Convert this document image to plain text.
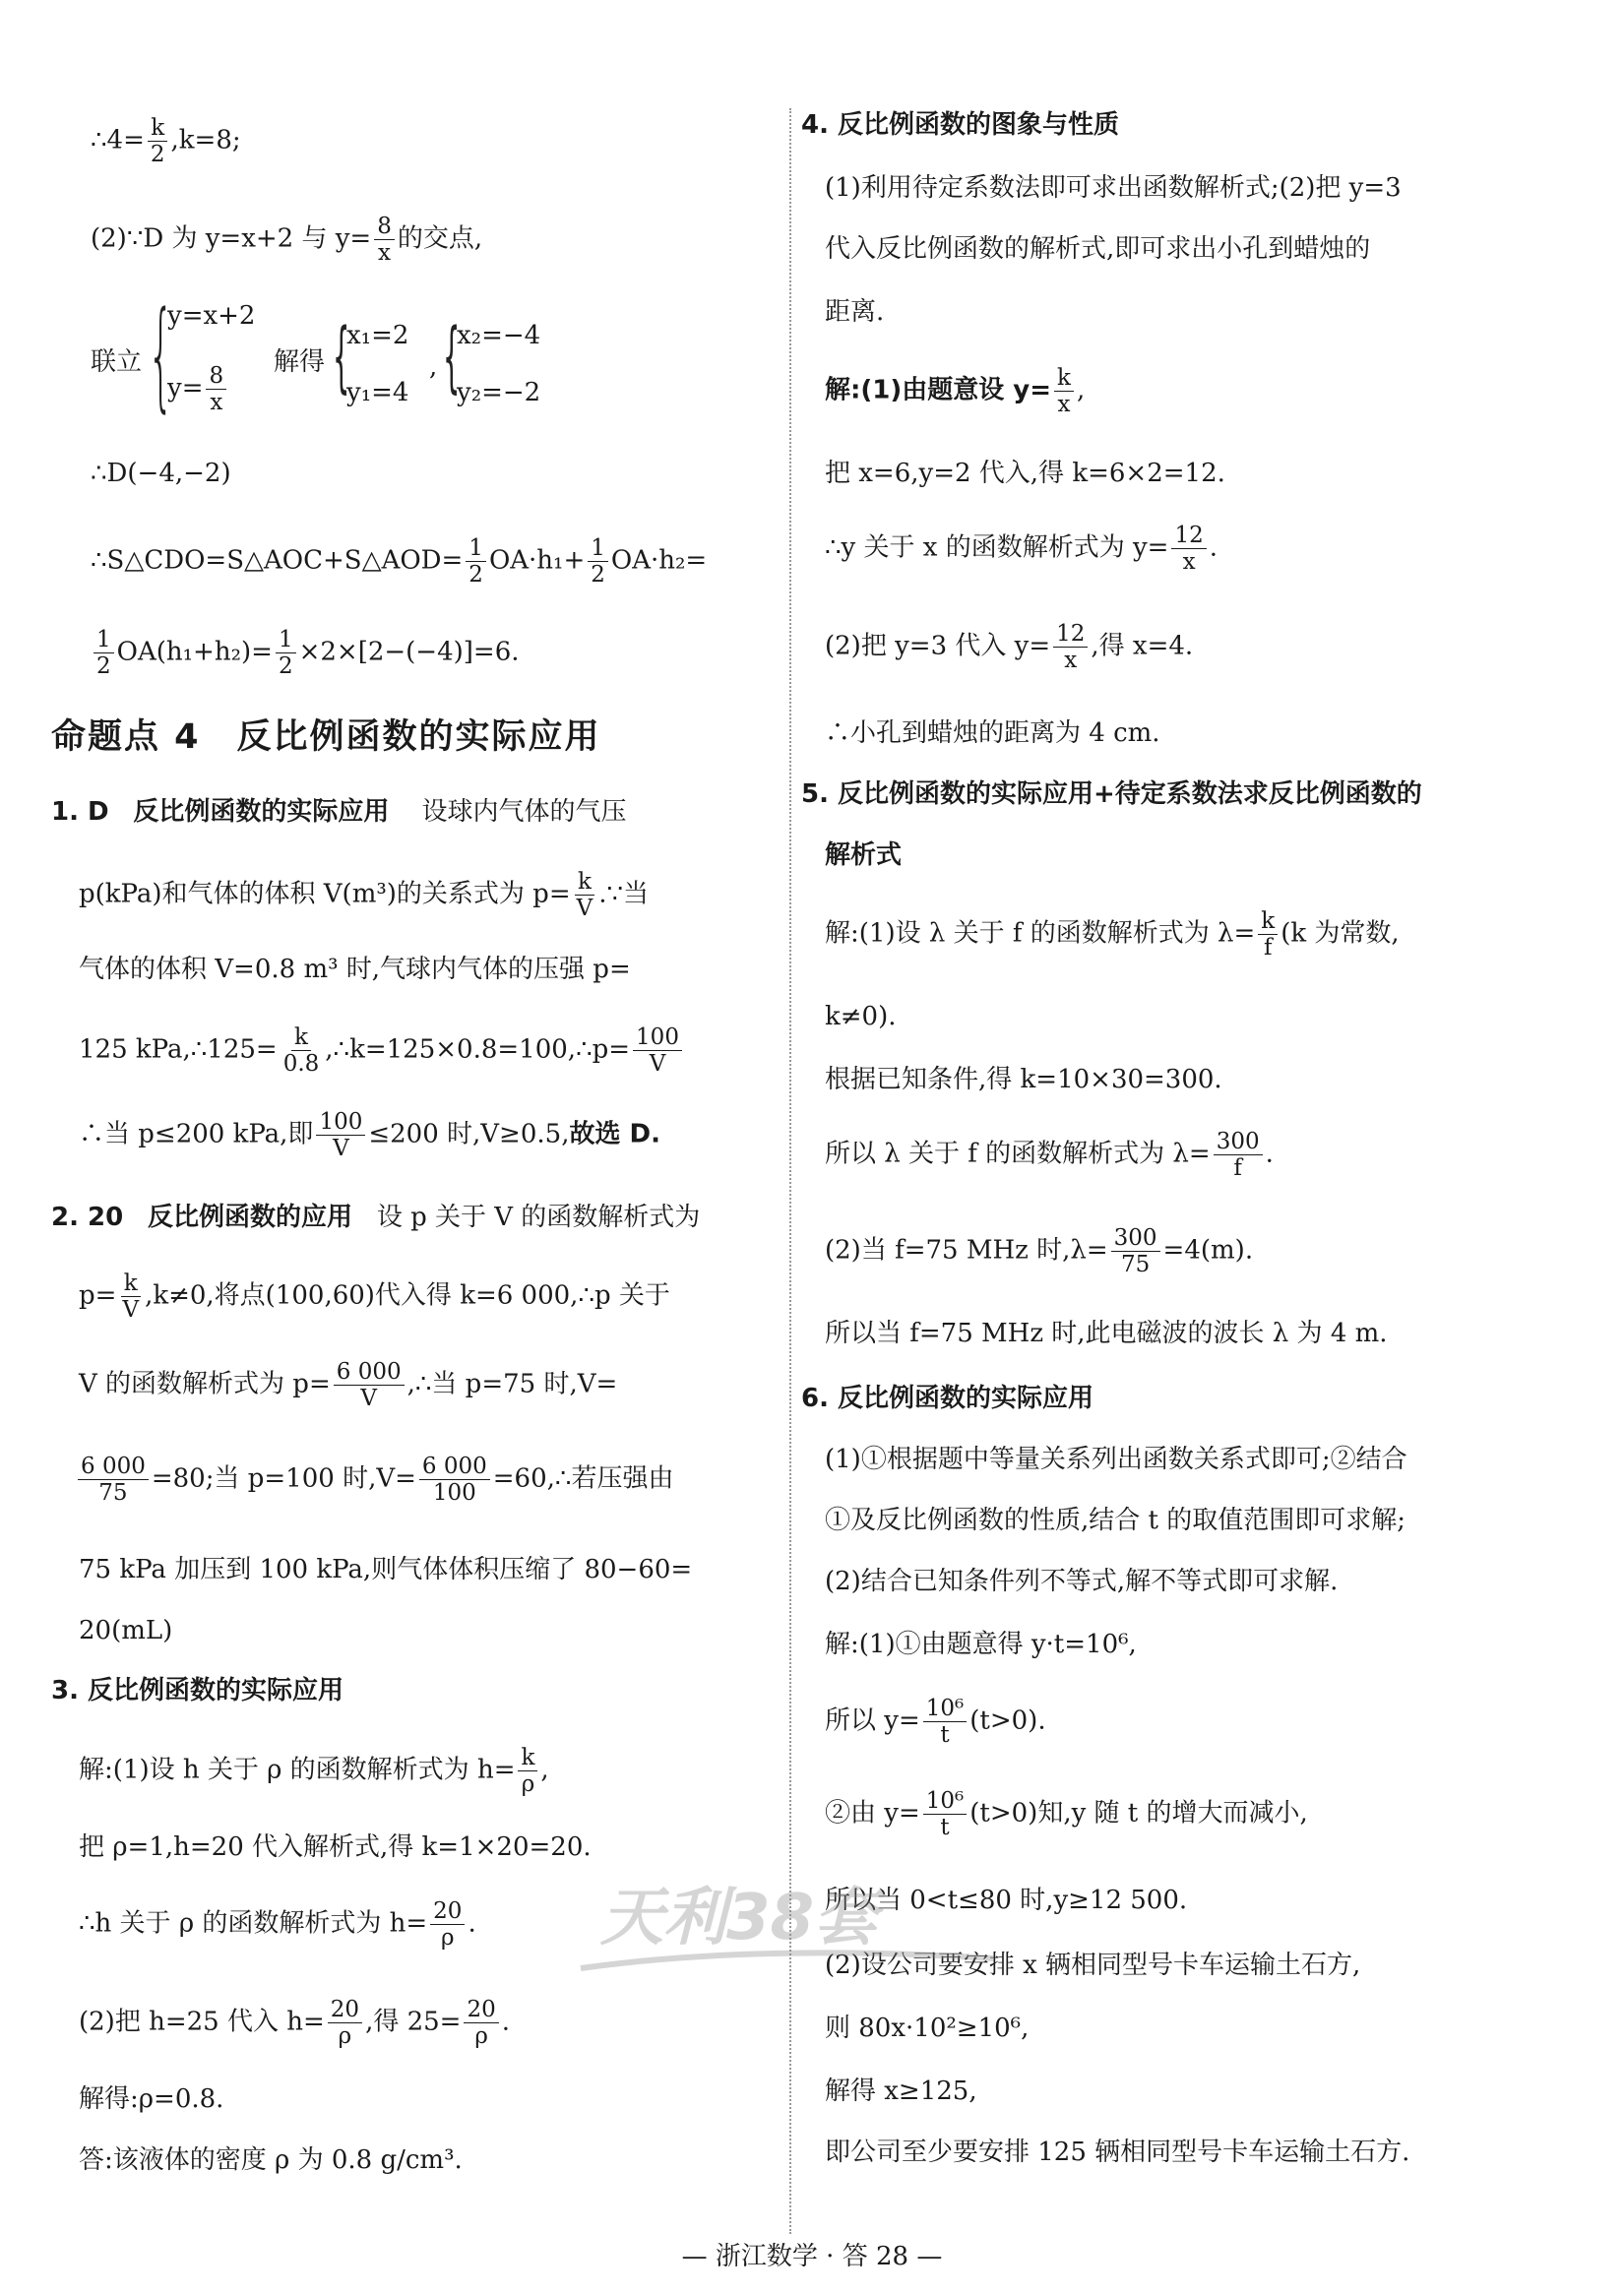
∴4= $\frac{k}{2} ,k=8$;
(2)∵D 为 y=x+2 与 $y= \frac{8}{x}$ 的交点,
联立 {
y=x+2
$y= \frac{8}{x}$
解得 {
x₁=2
y₁=4
, {
x₂=−4
y₂=−2
∴D(−4,−2)
∴S△CDO=S△AOC+S△AOD= $\frac{1}{2} OA\cdot h_1+ \frac{1}{2} OA\cdot h_2=$
$\frac{1}{2} OA(h_1+h_2)= \frac{1}{2} \times 2\times[2-(-4)]=6$.
命题点 4　反比例函数的实际应用
1. D 反比例函数的实际应用 设球内气体的气压
p(kPa)和气体的体积 V(m³)的关系式为 $p= \frac{k}{V}$ .∵当
气体的体积 V=0.8 m³ 时,气球内气体的压强 p=
125 kPa,∴125= $\frac{k}{0.8}$ ,∴k=125×0.8=100,∴p= $\frac{100}{V}$
∴当 p≤200 kPa,即 $\frac{100}{V} \le 200$ 时,V≥0.5,故选 D.
2. 20 反比例函数的应用 设 p 关于 V 的函数解析式为
$p= \frac{k}{V} ,k\ne 0$,将点(100,60)代入得 k=6 000,∴p 关于
V 的函数解析式为 $p= \frac{6 000}{V}$ ,∴当 p=75 时,V=
$\frac{6 000}{75} =80$;当 p=100 时$,V= \frac{6 000}{100}$ =60,∴若压强由
75 kPa 加压到 100 kPa,则气体体积压缩了 80−60=
20(mL)
3. 反比例函数的实际应用
解:(1)设 h 关于 ρ 的函数解析式为 $h= \frac{k}{\rho}$ ,
把 ρ=1,h=20 代入解析式,得 k=1×20=20.
∴h 关于 ρ 的函数解析式为 $h= \frac{20}{\rho}$ .
(2)把 h=25 代入 $h= \frac{20}{\rho}$ ,得 $25= \frac{20}{\rho}$ .
解得:ρ=0.8.
答:该液体的密度 ρ 为 0.8 g/cm³.
4. 反比例函数的图象与性质
(1)利用待定系数法即可求出函数解析式;(2)把 y=3
代入反比例函数的解析式,即可求出小孔到蜡烛的
距离.
解:(1)由题意设 $y= \frac{k}{x}$ ,
把 x=6,y=2 代入,得 k=6×2=12.
∴y 关于 x 的函数解析式为 $y= \frac{12}{x}$ .
(2)把 y=3 代入 $y= \frac{12}{x}$ ,得 x=4.
∴小孔到蜡烛的距离为 4 cm.
5. 反比例函数的实际应用+待定系数法求反比例函数的
解析式
解:(1)设 λ 关于 f 的函数解析式为 $\lambda= \frac{k}{f} (k$ 为常数,
k≠0).
根据已知条件,得 k=10×30=300.
所以 λ 关于 f 的函数解析式为 $\lambda= \frac{300}{f}$ .
(2)当 f=75 MHz 时$,\lambda= \frac{300}{75} =4(m)$.
所以当 f=75 MHz 时,此电磁波的波长 λ 为 4 m.
6. 反比例函数的实际应用
(1)①根据题中等量关系列出函数关系式即可;②结合
①及反比例函数的性质,结合 t 的取值范围即可求解;
(2)结合已知条件列不等式,解不等式即可求解.
解:(1)①由题意得 y·t=10⁶,
所以 $y= \frac{\text{10⁶}}{t} (t>0)$.
②由 $y= \frac{\text{10⁶}}{t} (t>0)$知,y 随 t 的增大而减小,
所以当 0<t≤80 时,y≥12 500.
(2)设公司要安排 x 辆相同型号卡车运输土石方,
则 80x·10²≥10⁶,
解得 x≥125,
即公司至少要安排 125 辆相同型号卡车运输土石方.
天利38套
— 浙江数学 · 答 28 —
